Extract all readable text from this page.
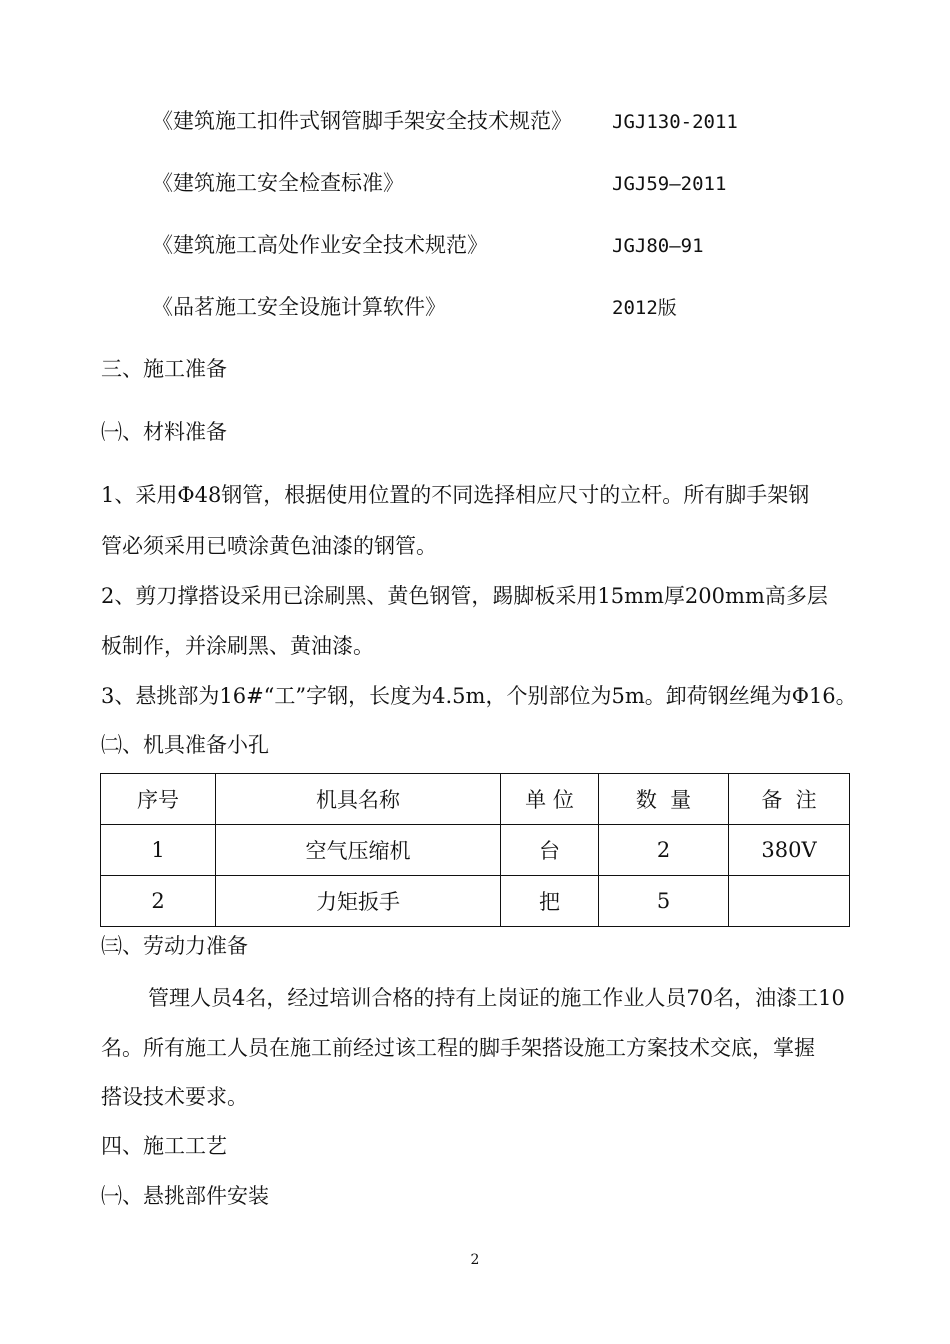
《建筑施工扣件式钢管脚手架安全技术规范》 JGJ130-2011
《建筑施工安全检查标准》	JGJ59—2011
《建筑施工高处作业安全技术规范》	JGJ80—91
《品茗施工安全设施计算软件》	2012版
三、施工准备
㈠、材料准备
1、采用Φ48钢管，根据使用位置的不同选择相应尺寸的立杆。所有脚手架钢
管必须采用已喷涂黄色油漆的钢管。
2、剪刀撑搭设采用已涂刷黑、黄色钢管，踢脚板采用15mm厚200mm高多层
板制作，并涂刷黑、黄油漆。
3、悬挑部为16#“工”字钢，长度为4.5m，个别部位为5m。卸荷钢丝绳为Φ16。
㈡、机具准备小孔
序号	机具名称	单 位	数  量	备  注
1	空气压缩机	台	2	380V
2	力矩扳手	把	5	
㈢、劳动力准备
管理人员4名，经过培训合格的持有上岗证的施工作业人员70名，油漆工10
名。所有施工人员在施工前经过该工程的脚手架搭设施工方案技术交底，掌握
搭设技术要求。
四、施工工艺
㈠、悬挑部件安装
2
